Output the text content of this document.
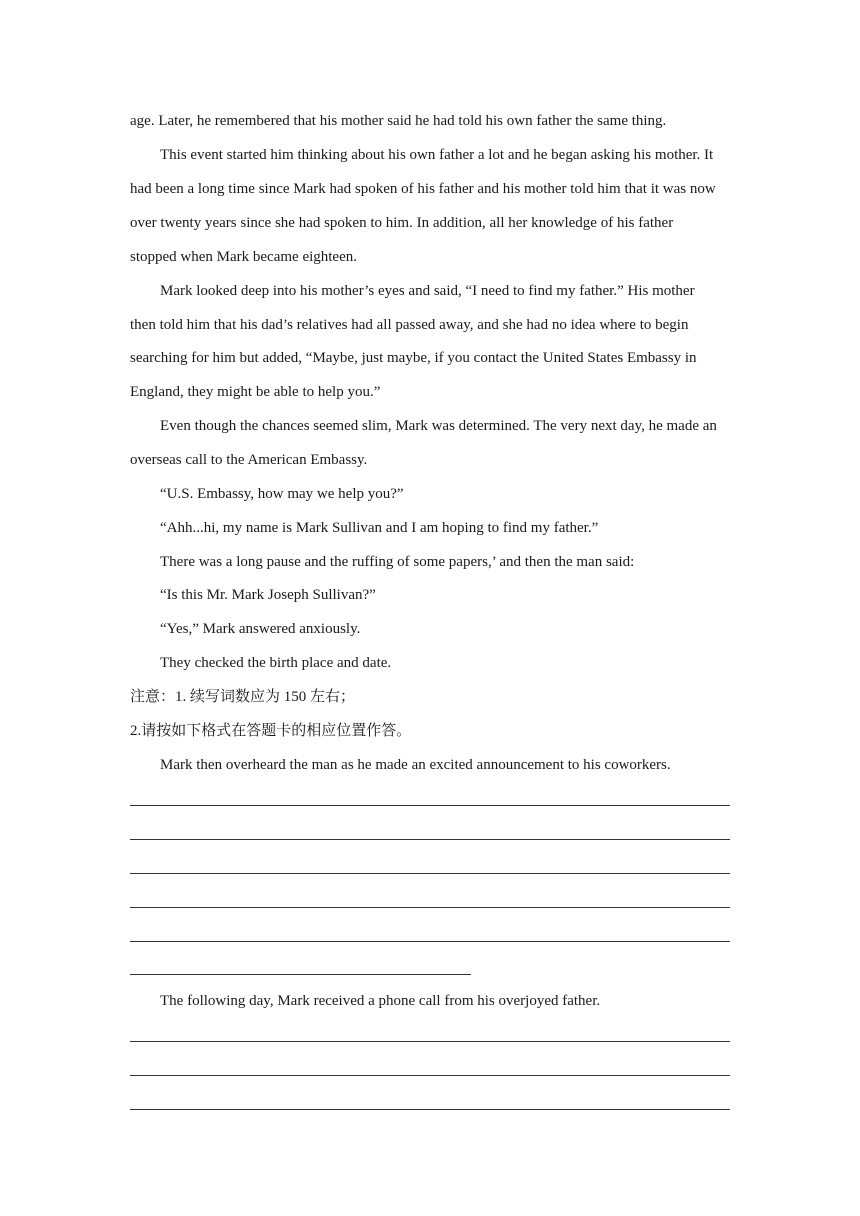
age. Later, he remembered that his mother said he had told his own father the same thing.
This event started him thinking about his own father a lot and he began asking his mother. It
had been a long time since Mark had spoken of his father and his mother told him that it was now
over twenty years since she had spoken to him. In addition, all her knowledge of his father
stopped when Mark became eighteen.
Mark looked deep into his mother’s eyes and said, “I need to find my father.” His mother
then told him that his dad’s relatives had all passed away, and she had no idea where to begin
searching for him but added, “Maybe, just maybe, if you contact the United States Embassy in
England, they might be able to help you.”
Even though the chances seemed slim, Mark was determined. The very next day, he made an
overseas call to the American Embassy.
“U.S. Embassy, how may we help you?”
“Ahh...hi, my name is Mark Sullivan and I am hoping to find my father.”
There was a long pause and the ruffing of some papers,’ and then the man said:
“Is this Mr. Mark Joseph Sullivan?”
“Yes,” Mark answered anxiously.
They checked the birth place and date.
注意：1. 续写词数应为 150 左右；
2.请按如下格式在答题卡的相应位置作答。
Mark then overheard the man as he made an excited announcement to his coworkers.
The following day, Mark received a phone call from his overjoyed father.
